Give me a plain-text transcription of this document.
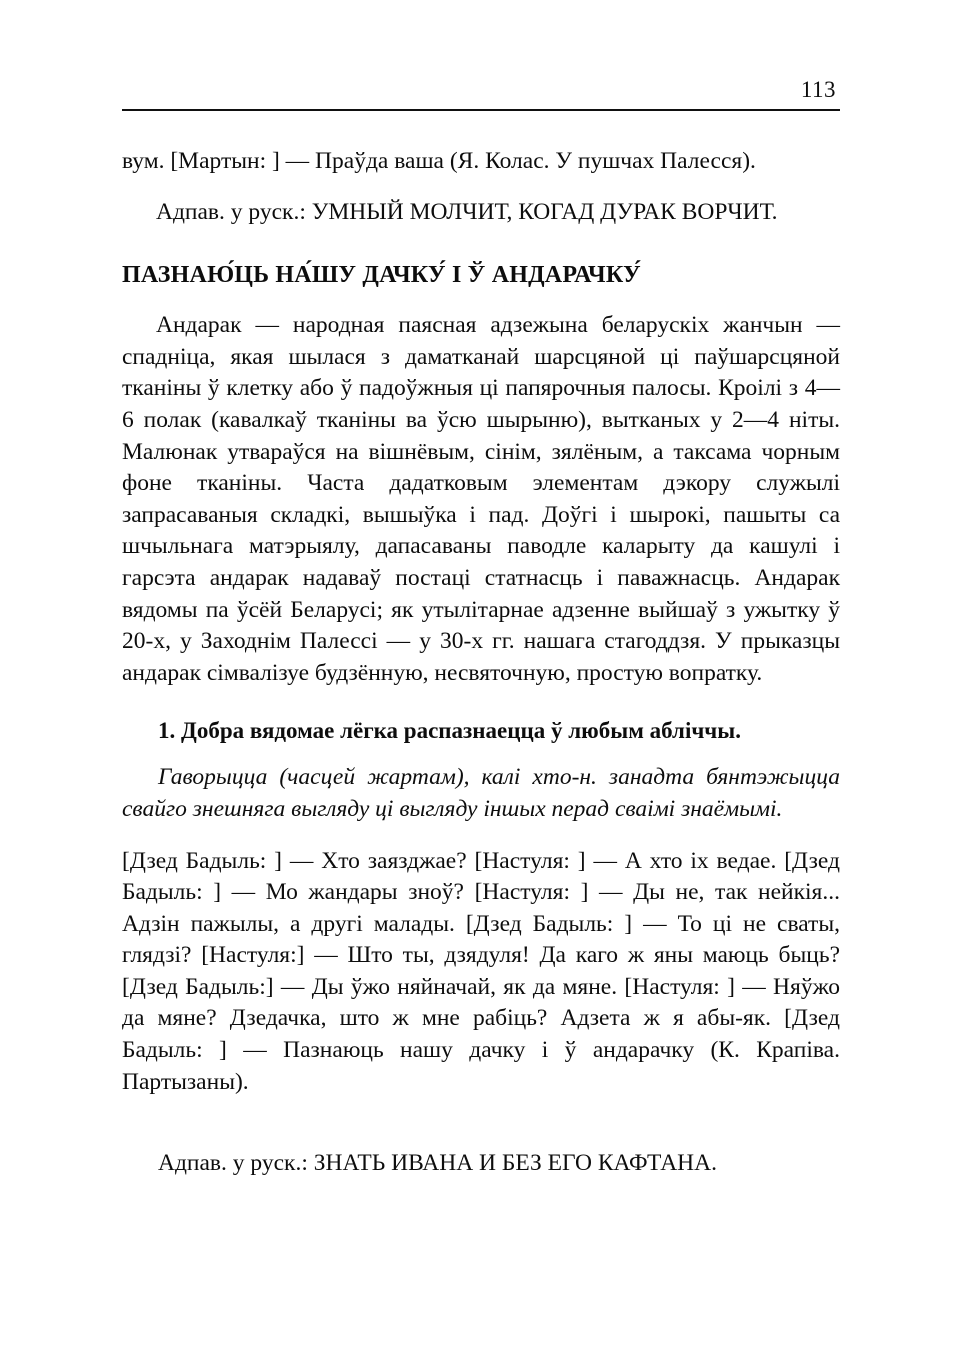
113

вум. [Мартын: ] — Праўда ваша (Я. Колас. У пушчах Палесся).

Адпав. у руск.: УМНЫЙ МОЛЧИТ, КОГАД ДУРАК ВОРЧИТ.

ПАЗНАЮ́ЦЬ НА́ШУ ДАЧКУ́ І Ў АНДАРАЧКУ́

Андарак — народная паясная адзежына беларускіх жанчын — спадніца, якая шылася з даматканай шарсцяной ці паўшарсцяной тканіны ў клетку або ў падоўжныя ці папярочныя палосы. Кроілі з 4—6 полак (кавалкаў тканіны ва ўсю шырыню), вытканых у 2—4 ніты. Малюнак утвараўся на вішнёвым, сінім, зялёным, а таксама чорным фоне тканіны. Часта дадатковым элементам дэкору служылі запрасаваныя складкі, вышыўка і пад. Доўгі і шырокі, пашыты са шчыльнага матэрыялу, дапасаваны паводле каларыту да кашулі і гарсэта андарак надаваў постаці статнасць і паважнасць. Андарак вядомы па ўсёй Беларусі; як утылітарнае адзенне выйшаў з ужытку ў 20-х, у Заходнім Палессі — у 30-х гг. нашага стагоддзя. У прыказцы андарак сімвалізуе будзённую, несвяточную, простую вопратку.

1. Добра вядомае лёгка распазнаецца ў любым абліччы.

Гаворыцца (часцей жартам), калі хто-н. занадта бянтэжыцца свайго знешняга выгляду ці выгляду іншых перад сваімі знаёмымі.

[Дзед Бадыль: ] — Хто заязджае? [Настуля: ] — А хто іх ведае. [Дзед Бадыль: ] — Мо жандары зноў? [Настуля: ] — Ды не, так нейкія... Адзін пажылы, а другі малады. [Дзед Бадыль: ] — То ці не сваты, глядзі? [Настуля:] — Што ты, дзядуля! Да каго ж яны маюць быць? [Дзед Бадыль:] — Ды ўжо няйначай, як да мяне. [Настуля: ] — Няўжо да мяне? Дзедачка, што ж мне рабіць? Адзета ж я абы-як. [Дзед Бадыль: ] — Пазнаюць нашу дачку і ў андарачку (К. Крапіва. Партызаны).

Адпав. у руск.: ЗНАТЬ ИВАНА И БЕЗ ЕГО КАФТАНА.
